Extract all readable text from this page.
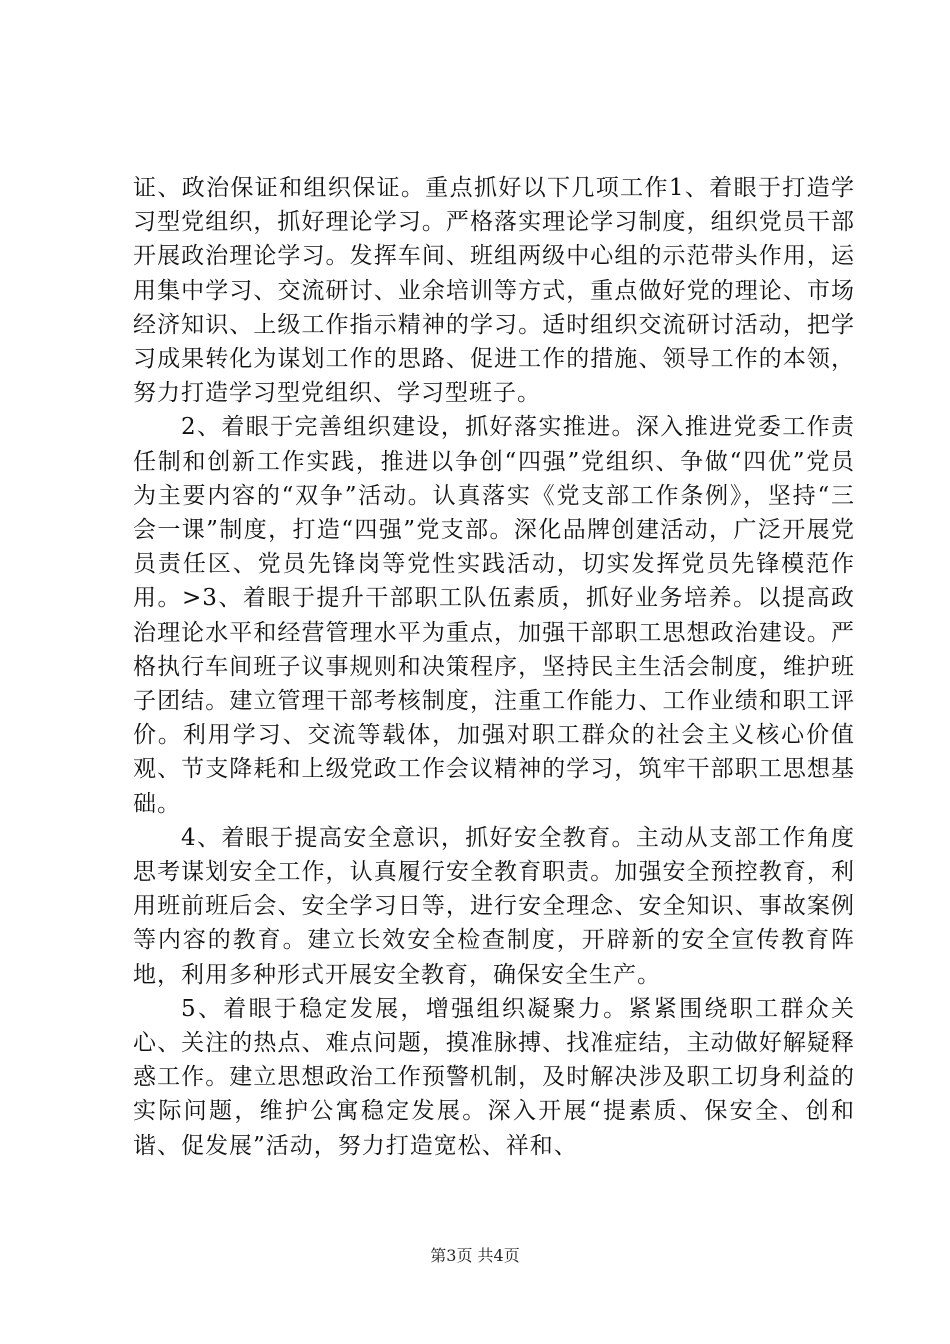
证、政治保证和组织保证。重点抓好以下几项工作1、着眼于打造学习型党组织，抓好理论学习。严格落实理论学习制度，组织党员干部开展政治理论学习。发挥车间、班组两级中心组的示范带头作用，运用集中学习、交流研讨、业余培训等方式，重点做好党的理论、市场经济知识、上级工作指示精神的学习。适时组织交流研讨活动，把学习成果转化为谋划工作的思路、促进工作的措施、领导工作的本领，努力打造学习型党组织、学习型班子。

2、着眼于完善组织建设，抓好落实推进。深入推进党委工作责任制和创新工作实践，推进以争创“四强”党组织、争做“四优”党员为主要内容的“双争”活动。认真落实《党支部工作条例》，坚持“三会一课”制度，打造“四强”党支部。深化品牌创建活动，广泛开展党员责任区、党员先锋岗等党性实践活动，切实发挥党员先锋模范作用。>3、着眼于提升干部职工队伍素质，抓好业务培养。以提高政治理论水平和经营管理水平为重点，加强干部职工思想政治建设。严格执行车间班子议事规则和决策程序，坚持民主生活会制度，维护班子团结。建立管理干部考核制度，注重工作能力、工作业绩和职工评价。利用学习、交流等载体，加强对职工群众的社会主义核心价值观、节支降耗和上级党政工作会议精神的学习，筑牢干部职工思想基础。

4、着眼于提高安全意识，抓好安全教育。主动从支部工作角度思考谋划安全工作，认真履行安全教育职责。加强安全预控教育，利用班前班后会、安全学习日等，进行安全理念、安全知识、事故案例等内容的教育。建立长效安全检查制度，开辟新的安全宣传教育阵地，利用多种形式开展安全教育，确保安全生产。

5、着眼于稳定发展，增强组织凝聚力。紧紧围绕职工群众关心、关注的热点、难点问题，摸准脉搏、找准症结，主动做好解疑释惑工作。建立思想政治工作预警机制，及时解决涉及职工切身利益的实际问题，维护公寓稳定发展。深入开展“提素质、保安全、创和谐、促发展”活动，努力打造宽松、祥和、

第3页 共4页
